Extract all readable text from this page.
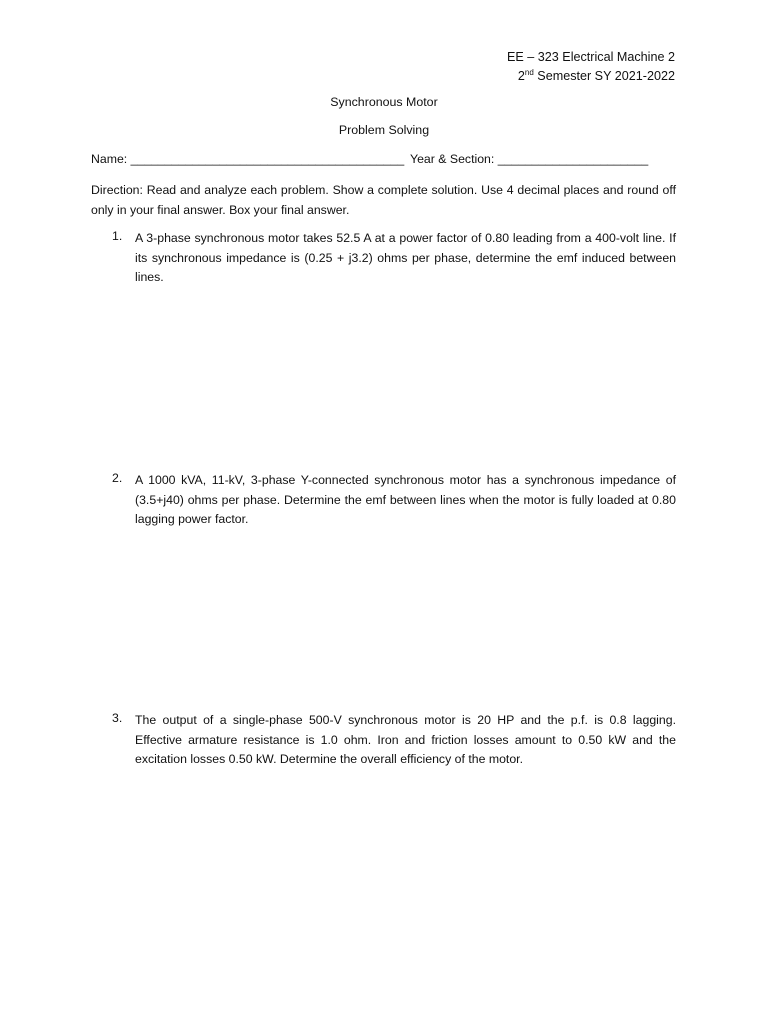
EE – 323 Electrical Machine 2
2nd Semester SY 2021-2022
Synchronous Motor
Problem Solving
Name: ________________________________________ Year & Section: ______________________
Direction: Read and analyze each problem. Show a complete solution. Use 4 decimal places and round off only in your final answer. Box your final answer.
1.	A 3-phase synchronous motor takes 52.5 A at a power factor of 0.80 leading from a 400-volt line. If its synchronous impedance is (0.25 + j3.2) ohms per phase, determine the emf induced between lines.
2.	A 1000 kVA, 11-kV, 3-phase Y-connected synchronous motor has a synchronous impedance of (3.5+j40) ohms per phase. Determine the emf between lines when the motor is fully loaded at 0.80 lagging power factor.
3.	The output of a single-phase 500-V synchronous motor is 20 HP and the p.f. is 0.8 lagging. Effective armature resistance is 1.0 ohm. Iron and friction losses amount to 0.50 kW and the excitation losses 0.50 kW. Determine the overall efficiency of the motor.
